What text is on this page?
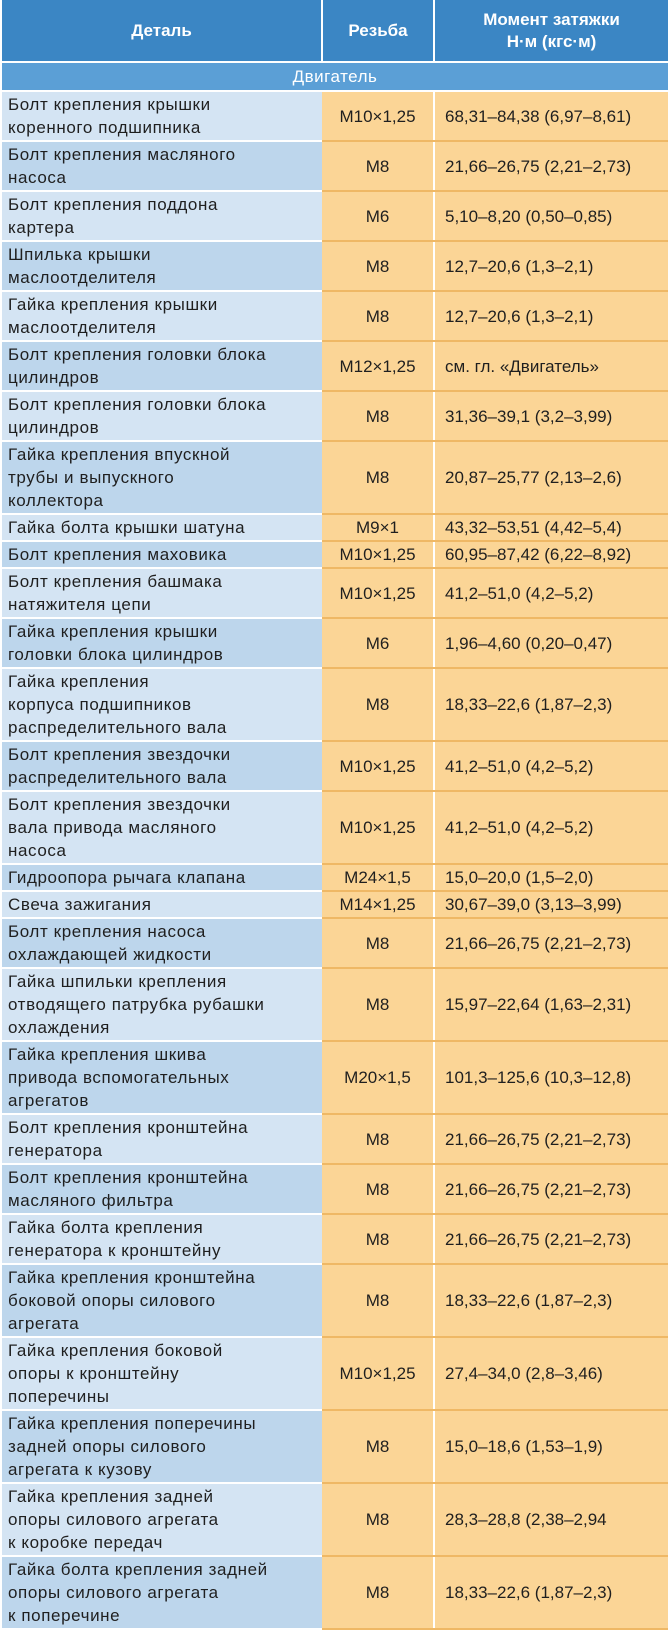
Деталь	Резьба	Момент затяжки
Н·м (кгс·м)
Двигатель		
Болт крепления крышки
коренного подшипника	М10×1,25	68,31–84,38 (6,97–8,61)
Болт крепления масляного
насоса	М8	21,66–26,75 (2,21–2,73)
Болт крепления поддона
картера	М6	5,10–8,20 (0,50–0,85)
Шпилька крышки
маслоотделителя	М8	12,7–20,6 (1,3–2,1)
Гайка крепления крышки
маслоотделителя	М8	12,7–20,6 (1,3–2,1)
Болт крепления головки блока
цилиндров	М12×1,25	см. гл. «Двигатель»
Болт крепления головки блока
цилиндров	М8	31,36–39,1 (3,2–3,99)
Гайка крепления впускной
трубы и выпускного
коллектора	М8	20,87–25,77 (2,13–2,6)
Гайка болта крышки шатуна	М9×1	43,32–53,51 (4,42–5,4)
Болт крепления маховика	М10×1,25	60,95–87,42 (6,22–8,92)
Болт крепления башмака
натяжителя цепи	М10×1,25	41,2–51,0 (4,2–5,2)
Гайка крепления крышки
головки блока цилиндров	М6	1,96–4,60 (0,20–0,47)
Гайка крепления
корпуса подшипников
распределительного вала	М8	18,33–22,6 (1,87–2,3)
Болт крепления звездочки
распределительного вала	М10×1,25	41,2–51,0 (4,2–5,2)
Болт крепления звездочки
вала привода масляного
насоса	М10×1,25	41,2–51,0 (4,2–5,2)
Гидроопора рычага клапана	М24×1,5	15,0–20,0 (1,5–2,0)
Свеча зажигания	М14×1,25	30,67–39,0 (3,13–3,99)
Болт крепления насоса
охлаждающей жидкости	М8	21,66–26,75 (2,21–2,73)
Гайка шпильки крепления
отводящего патрубка рубашки
охлаждения	М8	15,97–22,64 (1,63–2,31)
Гайка крепления шкива
привода вспомогательных
агрегатов	М20×1,5	101,3–125,6 (10,3–12,8)
Болт крепления кронштейна
генератора	М8	21,66–26,75 (2,21–2,73)
Болт крепления кронштейна
масляного фильтра	М8	21,66–26,75 (2,21–2,73)
Гайка болта крепления
генератора к кронштейну	М8	21,66–26,75 (2,21–2,73)
Гайка крепления кронштейна
боковой опоры силового
агрегата	М8	18,33–22,6 (1,87–2,3)
Гайка крепления боковой
опоры к кронштейну
поперечины	М10×1,25	27,4–34,0 (2,8–3,46)
Гайка крепления поперечины
задней опоры силового
агрегата к кузову	М8	15,0–18,6 (1,53–1,9)
Гайка крепления задней
опоры силового агрегата
к коробке передач	М8	28,3–28,8 (2,38–2,94
Гайка болта крепления задней
опоры силового агрегата
к поперечине	М8	18,33–22,6 (1,87–2,3)
